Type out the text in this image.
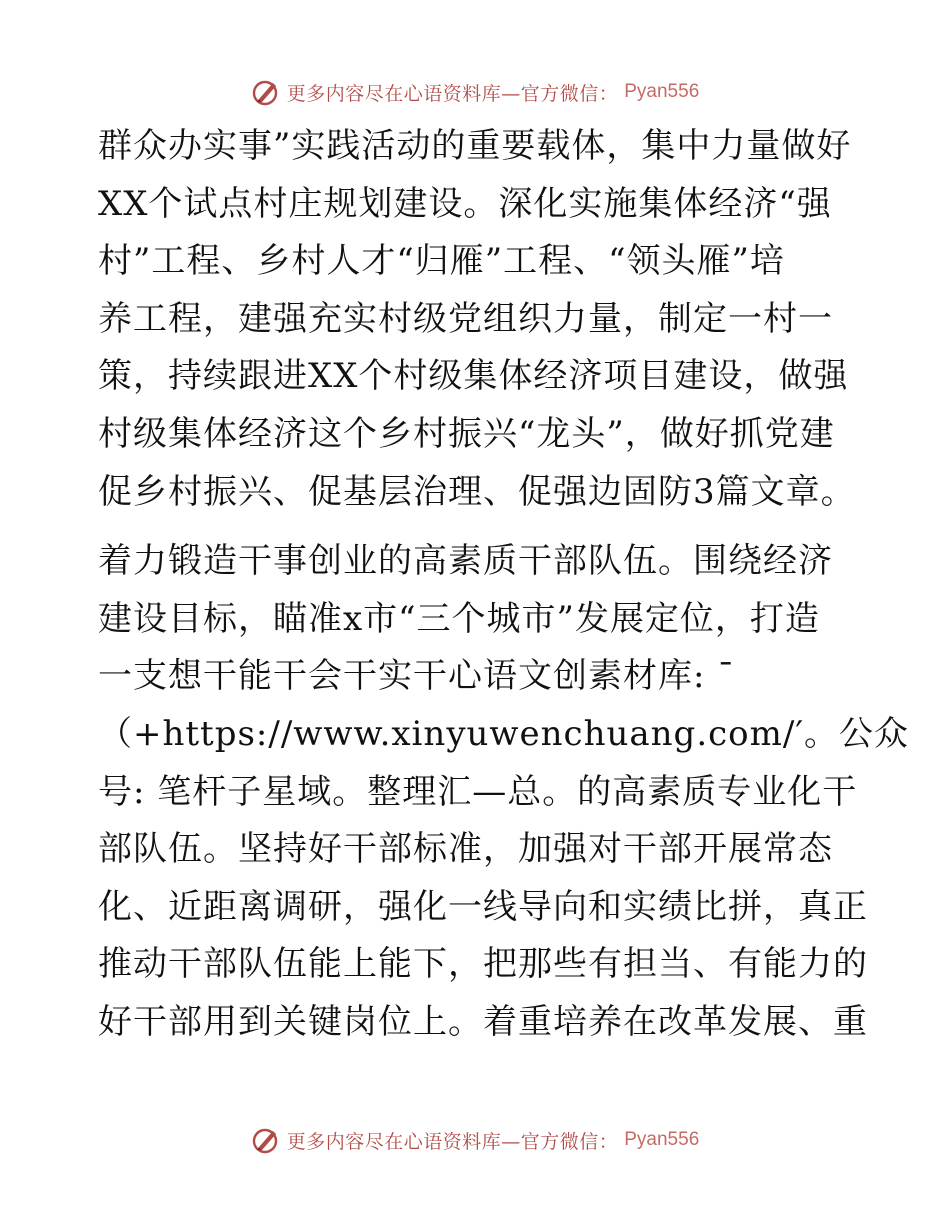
更多内容尽在心语资料库—官方微信： Pyan556
群众办实事”实践活动的重要载体，集中力量做好
XX个试点村庄规划建设。深化实施集体经济“强
村”工程、乡村人才“归雁”工程、“领头雁”培
养工程，建强充实村级党组织力量，制定一村一
策，持续跟进XX个村级集体经济项目建设，做强
村级集体经济这个乡村振兴“龙头”，做好抓党建
促乡村振兴、促基层治理、促强边固防3篇文章。
着力锻造干事创业的高素质干部队伍。围绕经济
建设目标，瞄准x市“三个城市”发展定位，打造
一支想干能干会干实干心语文创素材库: ¯
（+https://www.xinyuwenchuang.com/′。公众
号: 笔杆子星域。整理汇—总。的高素质专业化干
部队伍。坚持好干部标准，加强对干部开展常态
化、近距离调研，强化一线导向和实绩比拼，真正
推动干部队伍能上能下，把那些有担当、有能力的
好干部用到关键岗位上。着重培养在改革发展、重
更多内容尽在心语资料库—官方微信： Pyan556
